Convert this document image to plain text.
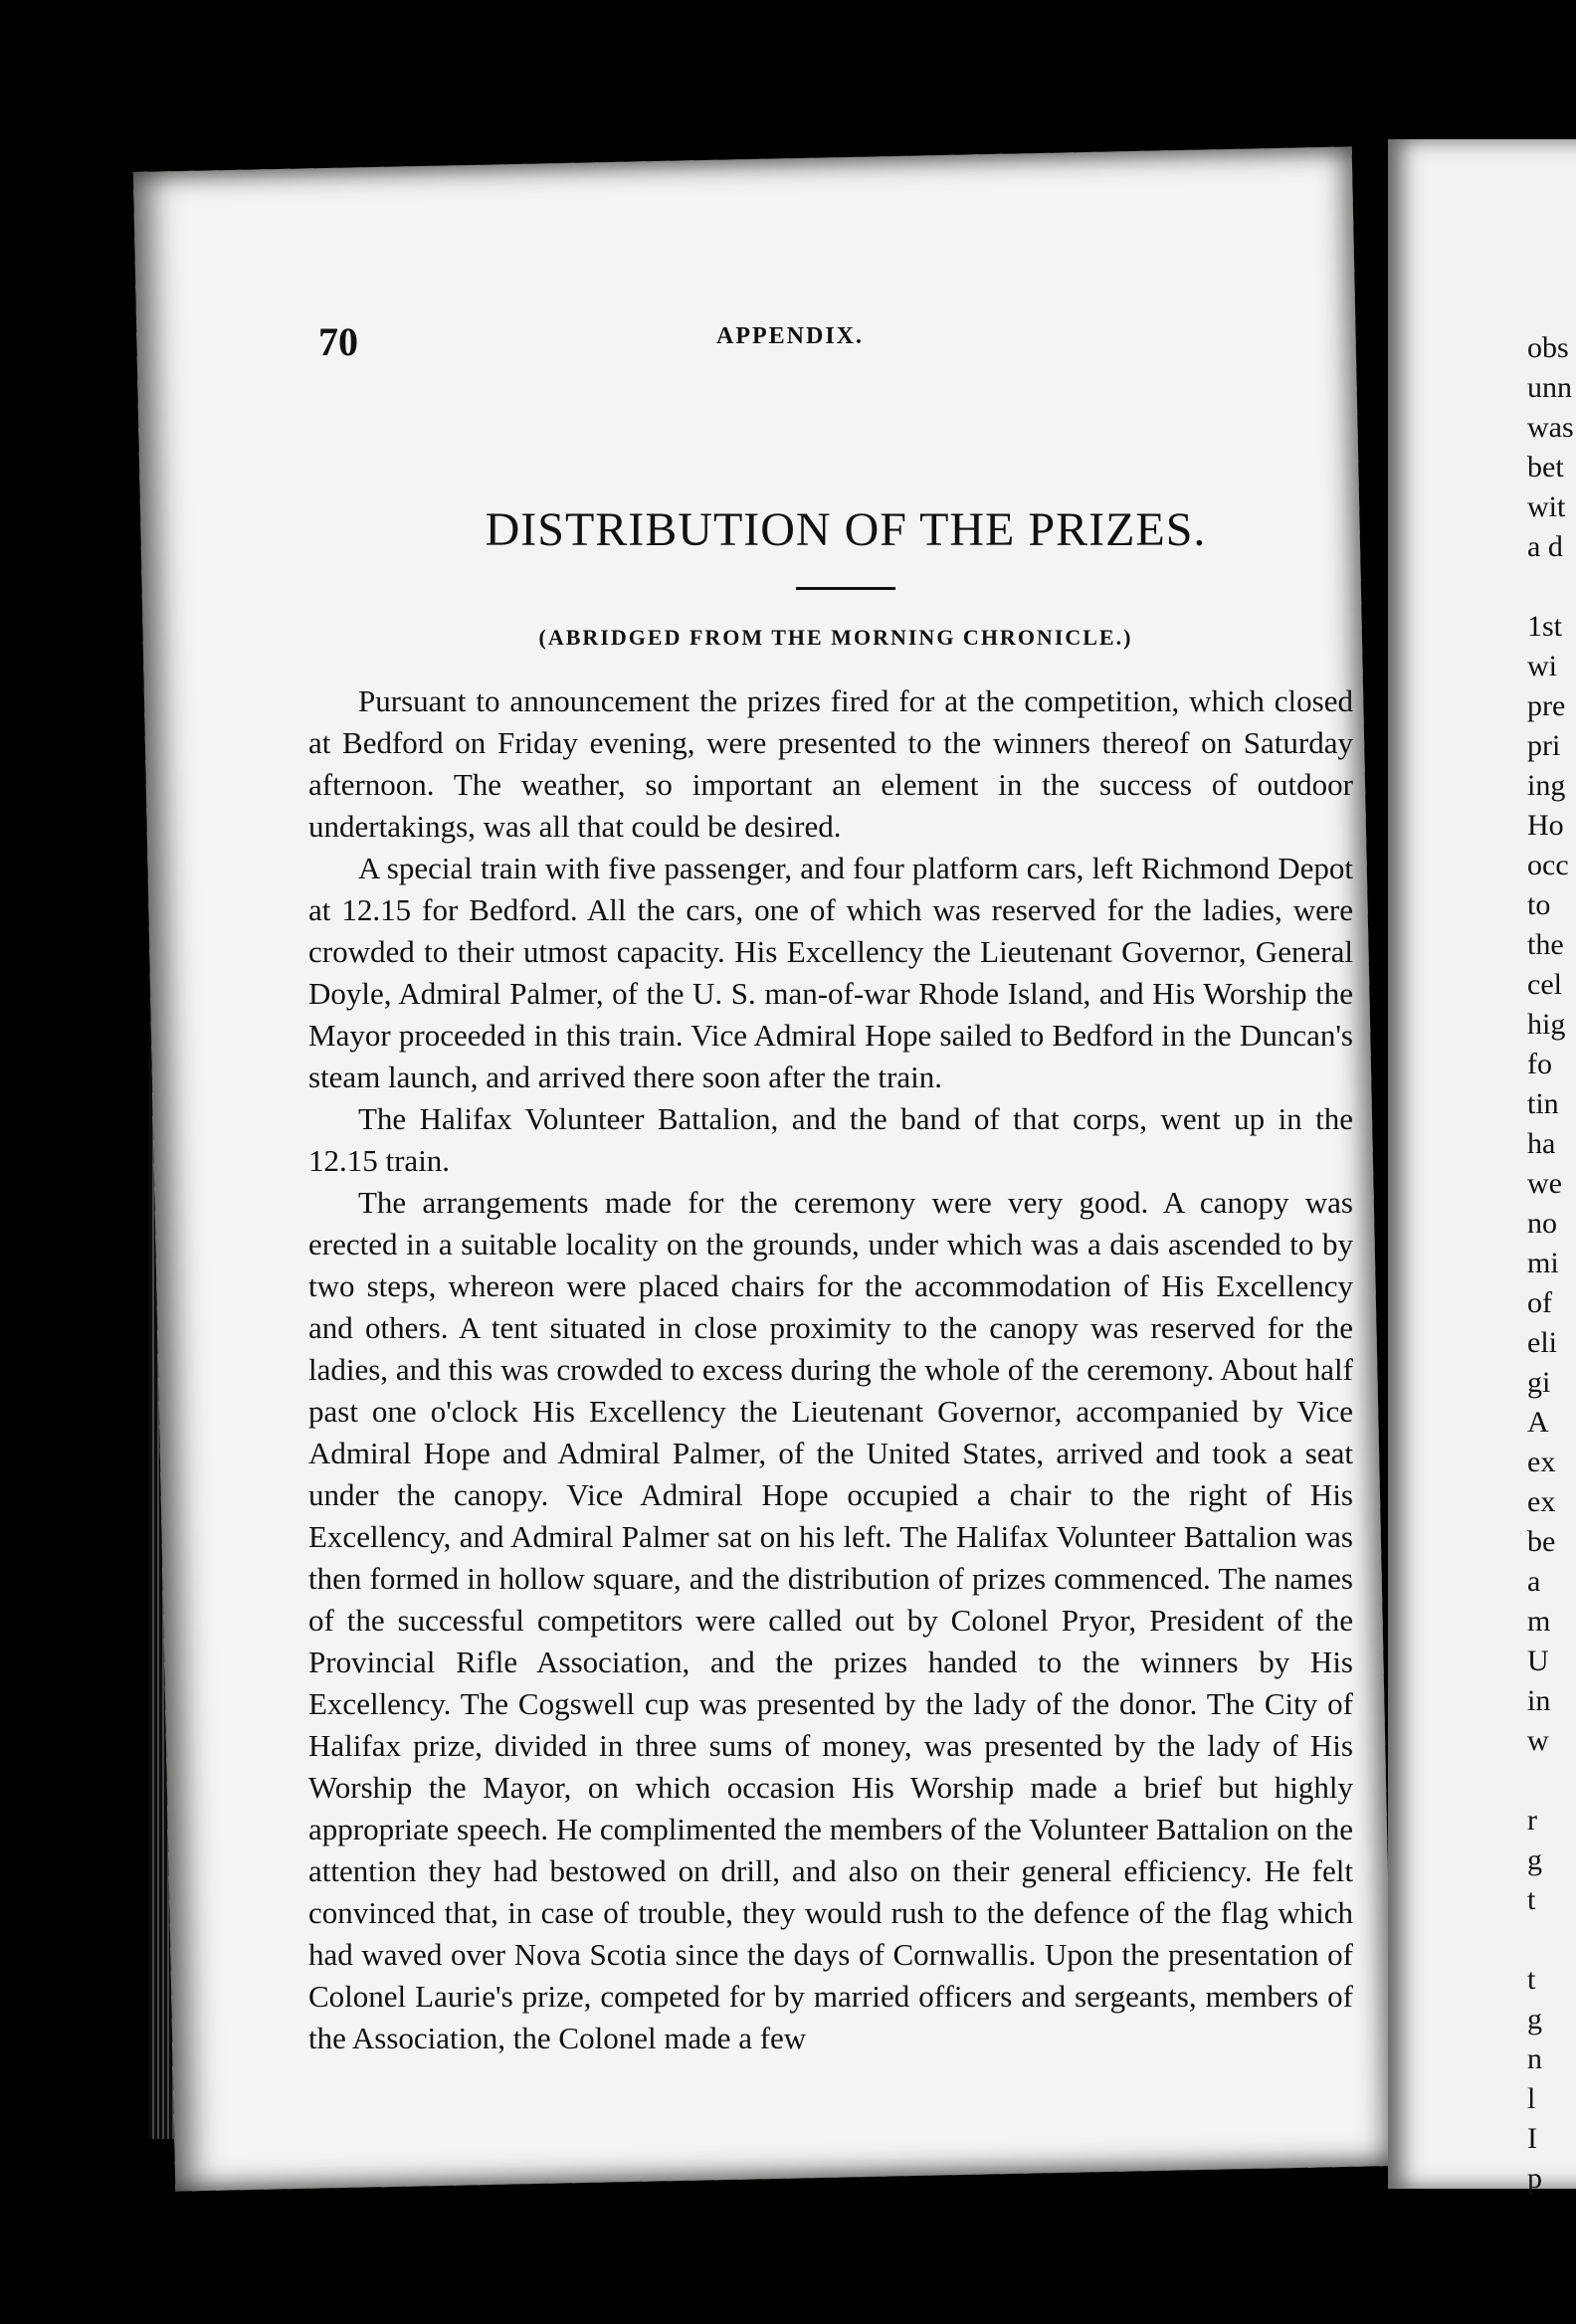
70	APPENDIX.
DISTRIBUTION OF THE PRIZES.
(ABRIDGED FROM THE MORNING CHRONICLE.)

Pursuant to announcement the prizes fired for at the competition, which closed at Bedford on Friday evening, were presented to the winners thereof on Saturday afternoon. The weather, so important an element in the success of outdoor undertakings, was all that could be desired.

A special train with five passenger, and four platform cars, left Richmond Depot at 12.15 for Bedford. All the cars, one of which was reserved for the ladies, were crowded to their utmost capacity. His Excellency the Lieutenant Governor, General Doyle, Admiral Palmer, of the U. S. man-of-war Rhode Island, and His Worship the Mayor proceeded in this train. Vice Admiral Hope sailed to Bedford in the Duncan's steam launch, and arrived there soon after the train.

The Halifax Volunteer Battalion, and the band of that corps, went up in the 12.15 train.

The arrangements made for the ceremony were very good. A canopy was erected in a suitable locality on the grounds, under which was a dais ascended to by two steps, whereon were placed chairs for the accommodation of His Excellency and others. A tent situated in close proximity to the canopy was reserved for the ladies, and this was crowded to excess during the whole of the ceremony. About half past one o'clock His Excellency the Lieutenant Governor, accompanied by Vice Admiral Hope and Admiral Palmer, of the United States, arrived and took a seat under the canopy. Vice Admiral Hope occupied a chair to the right of His Excellency, and Admiral Palmer sat on his left. The Halifax Volunteer Battalion was then formed in hollow square, and the distribution of prizes commenced. The names of the successful competitors were called out by Colonel Pryor, President of the Provincial Rifle Association, and the prizes handed to the winners by His Excellency. The Cogswell cup was presented by the lady of the donor. The City of Halifax prize, divided in three sums of money, was presented by the lady of His Worship the Mayor, on which occasion His Worship made a brief but highly appropriate speech. He complimented the members of the Volunteer Battalion on the attention they had bestowed on drill, and also on their general efficiency. He felt convinced that, in case of trouble, they would rush to the defence of the flag which had waved over Nova Scotia since the days of Cornwallis. Upon the presentation of Colonel Laurie's prize, competed for by married officers and sergeants, members of the Association, the Colonel made a few

obs
unn
was
bet
wit
a d

1st
wi
pre
pri
ing
Ho
occ
to
the
cel
hig
fo
tin
ha
we
no
mi
of
eli
gi
A
ex
ex
be
a
m
U
in
w

r
g
t

t
g
n
l
I
p
